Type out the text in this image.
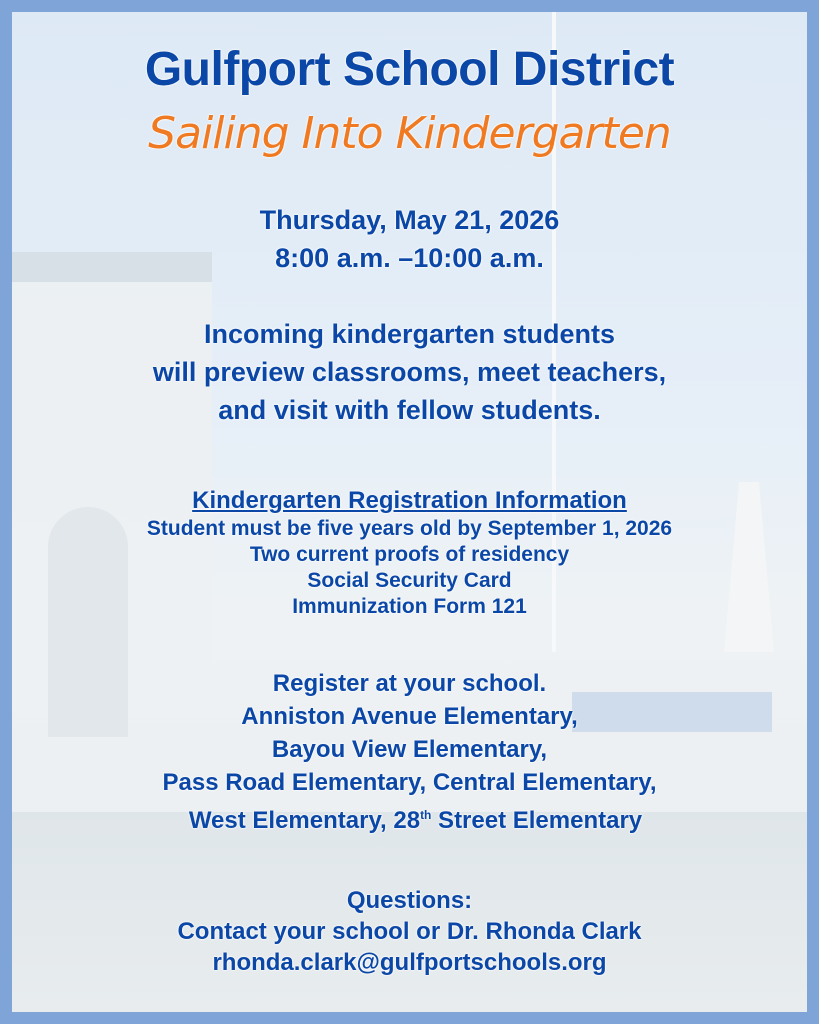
Gulfport School District
Sailing Into Kindergarten
Thursday, May 21, 2026
8:00 a.m. –10:00 a.m.
Incoming kindergarten students
will preview classrooms, meet teachers,
and visit with fellow students.
Kindergarten Registration Information
Student must be five years old by September 1, 2026
Two current proofs of residency
Social Security Card
Immunization Form 121
Register at your school.
Anniston Avenue Elementary,
Bayou View Elementary,
Pass Road Elementary, Central Elementary,
West Elementary, 28th Street Elementary
Questions:
Contact your school or Dr. Rhonda Clark
rhonda.clark@gulfportschools.org
